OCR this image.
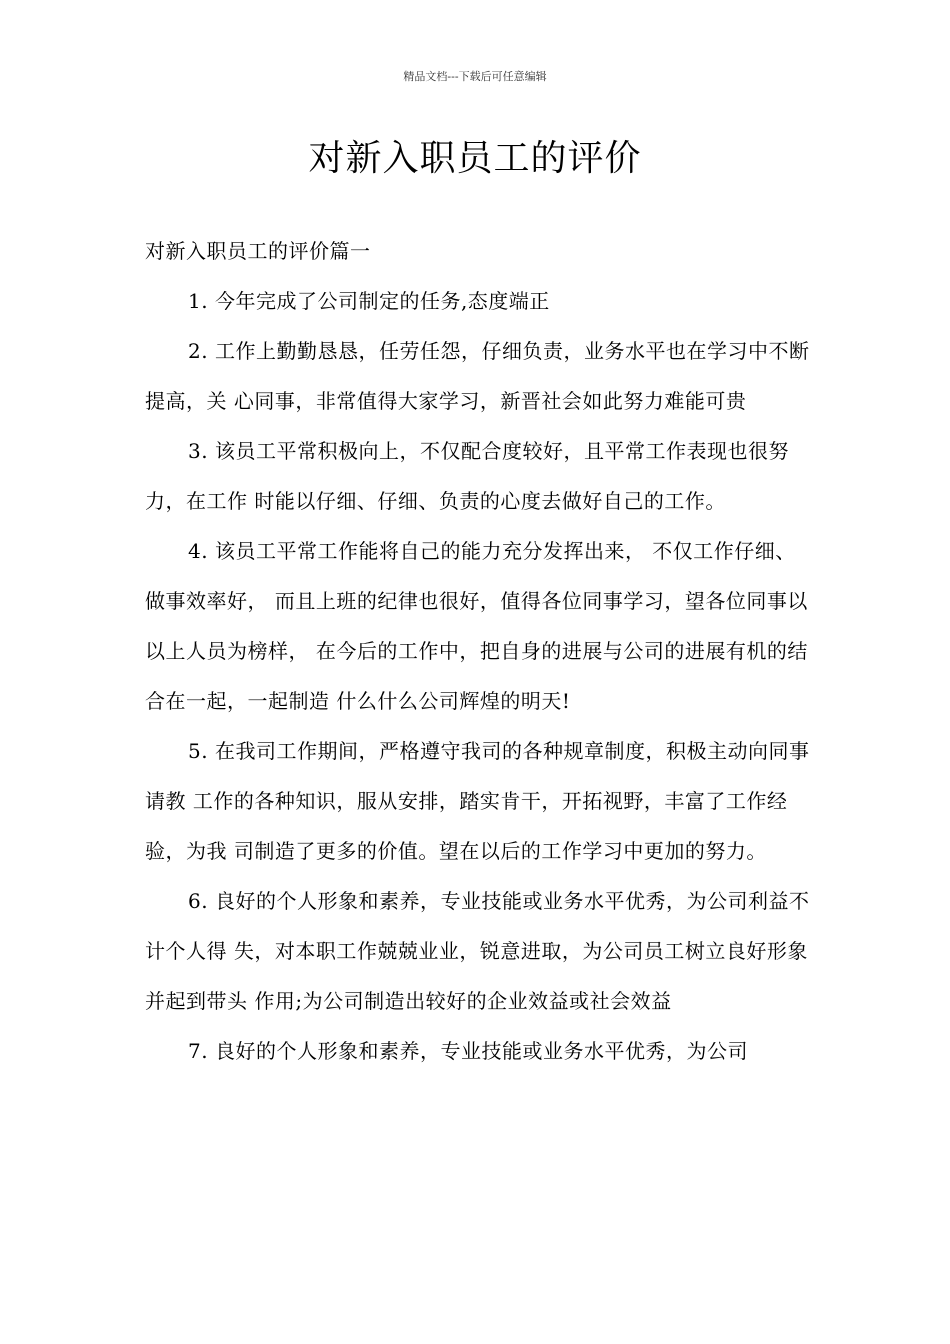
精品文档---下载后可任意编辑
对新入职员工的评价

对新入职员工的评价篇一

1. 今年完成了公司制定的任务,态度端正

2. 工作上勤勤恳恳，任劳任怨，仔细负责，业务水平也在学习中不断提高，关 心同事，非常值得大家学习，新晋社会如此努力难能可贵

3. 该员工平常积极向上，不仅配合度较好，且平常工作表现也很努力，在工作 时能以仔细、仔细、负责的心度去做好自己的工作。

4. 该员工平常工作能将自己的能力充分发挥出来， 不仅工作仔细、 做事效率好， 而且上班的纪律也很好，值得各位同事学习，望各位同事以以上人员为榜样， 在今后的工作中，把自身的进展与公司的进展有机的结合在一起，一起制造 什么什么公司辉煌的明天!

5. 在我司工作期间，严格遵守我司的各种规章制度，积极主动向同事请教 工作的各种知识，服从安排，踏实肯干，开拓视野，丰富了工作经验，为我 司制造了更多的价值。望在以后的工作学习中更加的努力。

6. 良好的个人形象和素养，专业技能或业务水平优秀，为公司利益不计个人得 失，对本职工作兢兢业业，锐意进取，为公司员工树立良好形象并起到带头 作用;为公司制造出较好的企业效益或社会效益

7. 良好的个人形象和素养，专业技能或业务水平优秀，为公司
